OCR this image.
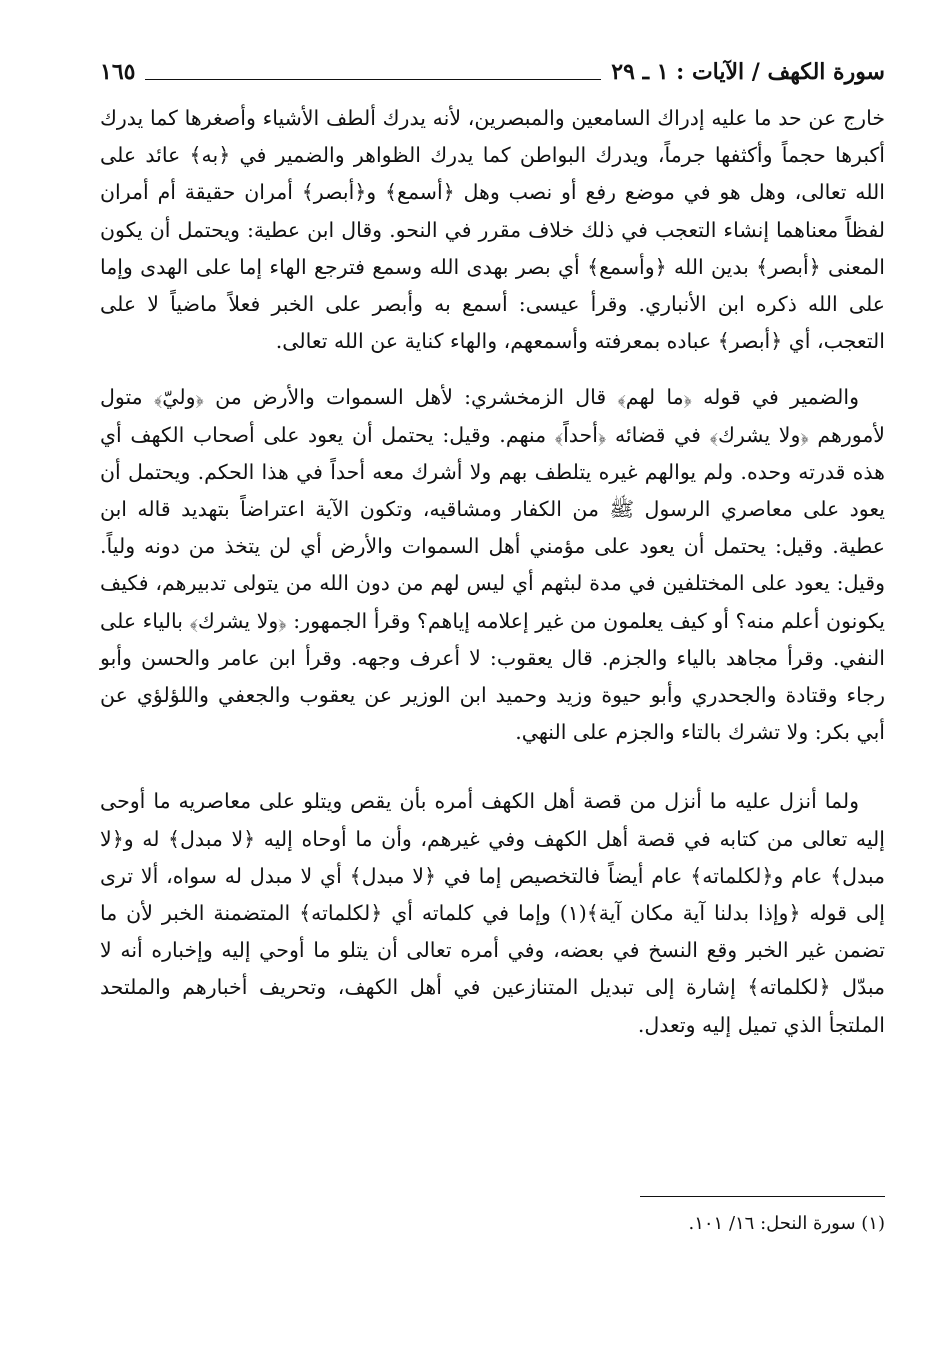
١٦٥	سورة الكهف / الآيات : ١ ـ ٢٩

خارج عن حد ما عليه إدراك السامعين والمبصرين، لأنه يدرك ألطف الأشياء وأصغرها كما يدرك أكبرها حجماً وأكثفها جرماً، ويدرك البواطن كما يدرك الظواهر والضمير في ﴿به﴾ عائد على الله تعالى، وهل هو في موضع رفع أو نصب وهل ﴿أسمع﴾ و﴿أبصر﴾ أمران حقيقة أم أمران لفظاً معناهما إنشاء التعجب في ذلك خلاف مقرر في النحو. وقال ابن عطية: ويحتمل أن يكون المعنى ﴿أبصر﴾ بدين الله ﴿وأسمع﴾ أي بصر بهدى الله وسمع فترجع الهاء إما على الهدى وإما على الله ذكره ابن الأنباري. وقرأ عيسى: أسمع به وأبصر على الخبر فعلاً ماضياً لا على التعجب، أي ﴿أبصر﴾ عباده بمعرفته وأسمعهم، والهاء كناية عن الله تعالى.

والضمير في قوله ﴿ما لهم﴾ قال الزمخشري: لأهل السموات والأرض من ﴿وليّ﴾ متول لأمورهم ﴿ولا يشرك﴾ في قضائه ﴿أحداً﴾ منهم. وقيل: يحتمل أن يعود على أصحاب الكهف أي هذه قدرته وحده. ولم يوالهم غيره يتلطف بهم ولا أشرك معه أحداً في هذا الحكم. ويحتمل أن يعود على معاصري الرسول ﷺ من الكفار ومشاقيه، وتكون الآية اعتراضاً بتهديد قاله ابن عطية. وقيل: يحتمل أن يعود على مؤمني أهل السموات والأرض أي لن يتخذ من دونه ولياً. وقيل: يعود على المختلفين في مدة لبثهم أي ليس لهم من دون الله من يتولى تدبيرهم، فكيف يكونون أعلم منه؟ أو كيف يعلمون من غير إعلامه إياهم؟ وقرأ الجمهور: ﴿ولا يشرك﴾ بالياء على النفي. وقرأ مجاهد بالياء والجزم. قال يعقوب: لا أعرف وجهه. وقرأ ابن عامر والحسن وأبو رجاء وقتادة والجحدري وأبو حيوة وزيد وحميد ابن الوزير عن يعقوب والجعفي واللؤلؤي عن أبي بكر: ولا تشرك بالتاء والجزم على النهي.

ولما أنزل عليه ما أنزل من قصة أهل الكهف أمره بأن يقص ويتلو على معاصريه ما أوحى إليه تعالى من كتابه في قصة أهل الكهف وفي غيرهم، وأن ما أوحاه إليه ﴿لا مبدل﴾ له و﴿لا مبدل﴾ عام و﴿لكلماته﴾ عام أيضاً فالتخصيص إما في ﴿لا مبدل﴾ أي لا مبدل له سواه، ألا ترى إلى قوله ﴿وإذا بدلنا آية مكان آية﴾(١) وإما في كلماته أي ﴿لكلماته﴾ المتضمنة الخبر لأن ما تضمن غير الخبر وقع النسخ في بعضه، وفي أمره تعالى أن يتلو ما أوحي إليه وإخباره أنه لا مبدّل ﴿لكلماته﴾ إشارة إلى تبديل المتنازعين في أهل الكهف، وتحريف أخبارهم والملتحد الملتجأ الذي تميل إليه وتعدل.

(١) سورة النحل: ١٦/ ١٠١.
